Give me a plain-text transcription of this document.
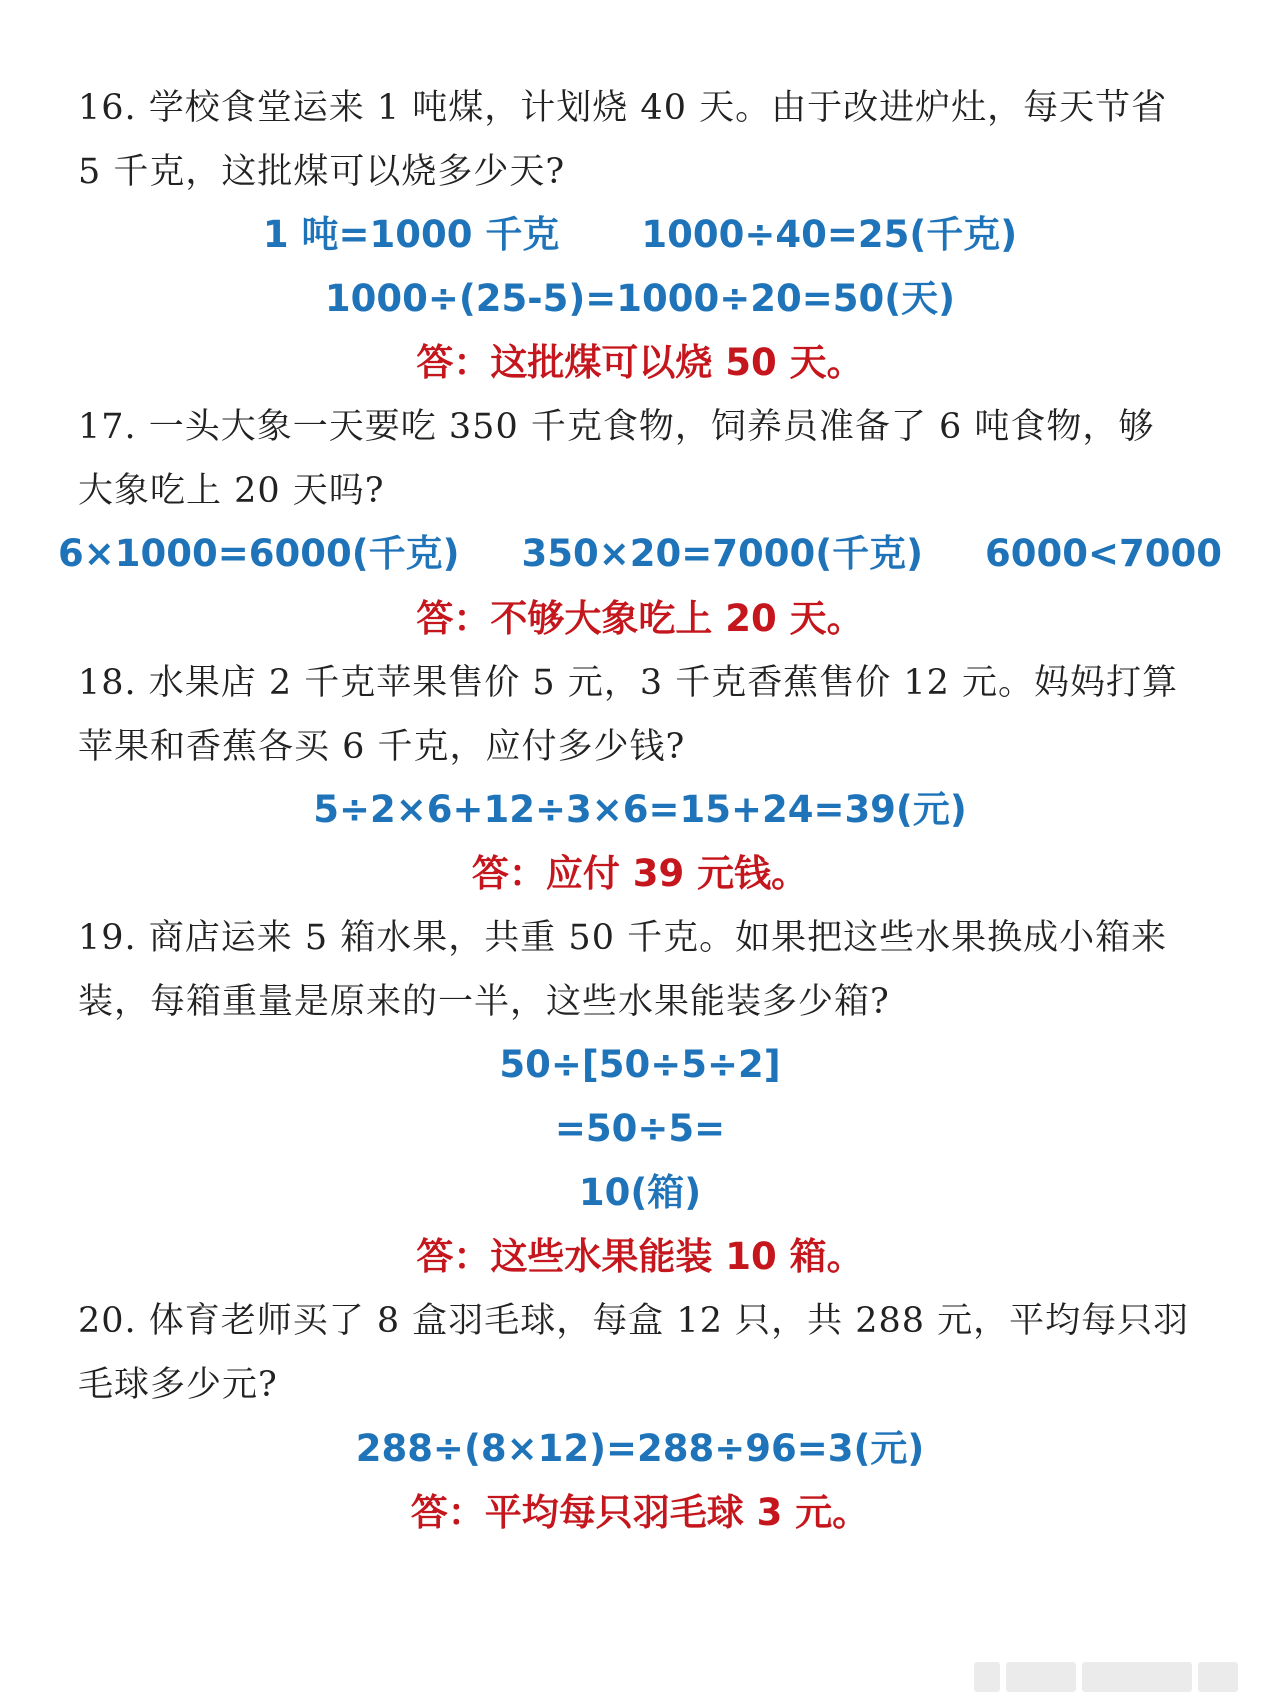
16. 学校食堂运来 1 吨煤，计划烧 40 天。由于改进炉灶，每天节省
5 千克，这批煤可以烧多少天?
1 吨=1000 千克 1000÷40=25(千克)
1000÷(25-5)=1000÷20=50(天)
答：这批煤可以烧 50 天。
17. 一头大象一天要吃 350 千克食物，饲养员准备了 6 吨食物，够
大象吃上 20 天吗?
6×1000=6000(千克) 350×20=7000(千克) 6000<7000
答：不够大象吃上 20 天。
18. 水果店 2 千克苹果售价 5 元，3 千克香蕉售价 12 元。妈妈打算
苹果和香蕉各买 6 千克，应付多少钱?
5÷2×6+12÷3×6=15+24=39(元)
答：应付 39 元钱。
19. 商店运来 5 箱水果，共重 50 千克。如果把这些水果换成小箱来
装，每箱重量是原来的一半，这些水果能装多少箱?
50÷[50÷5÷2]
=50÷5=
10(箱)
答：这些水果能装 10 箱。
20. 体育老师买了 8 盒羽毛球，每盒 12 只，共 288 元，平均每只羽
毛球多少元?
288÷(8×12)=288÷96=3(元)
答：平均每只羽毛球 3 元。
